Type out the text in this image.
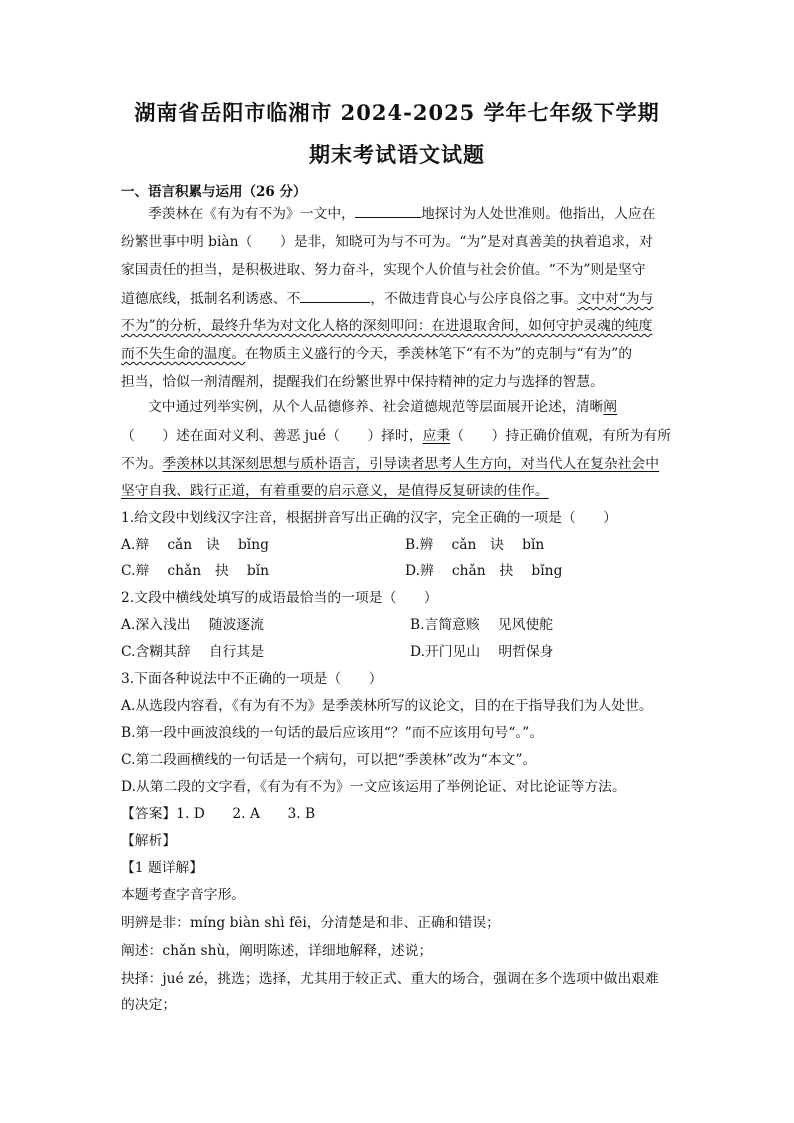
湖南省岳阳市临湘市 2024-2025 学年七年级下学期
期末考试语文试题
一、语言积累与运用（26 分）
季羡林在《有为有不为》一文中，	地探讨为人处世准则。他指出，人应在
纷繁世事中明 biàn（　　）是非，知晓可为与不可为。“为”是对真善美的执着追求，对
家国责任的担当，是积极进取、努力奋斗，实现个人价值与社会价值。“不为”则是坚守
道德底线，抵制名利诱惑、不	，不做违背良心与公序良俗之事。文中对“为与
不为”的分析，最终升华为对文化人格的深刻叩问：在进退取舍间，如何守护灵魂的纯度
而不失生命的温度。在物质主义盛行的今天，季羡林笔下“有不为”的克制与“有为”的
担当，恰似一剂清醒剂，提醒我们在纷繁世界中保持精神的定力与选择的智慧。
文中通过列举实例，从个人品德修养、社会道德规范等层面展开论述，清晰阐
（　　）述在面对义利、善恶 jué（　　）择时，应秉（　　）持正确价值观，有所为有所
不为。季羡林以其深刻思想与质朴语言，引导读者思考人生方向，对当代人在复杂社会中
坚守自我、践行正道，有着重要的启示意义，是值得反复研读的佳作。
1.给文段中划线汉字注音，根据拼音写出正确的汉字，完全正确的一项是（　　）
A.辩　 cǎn　诀　 bǐng	B.辨　 cǎn　诀　 bǐn
C.辩　 chǎn　抉　 bǐn	D.辨　 chǎn　抉　 bǐng
2.文段中横线处填写的成语最恰当的一项是（　　）
A.深入浅出　 随波逐流	B.言简意赅　 见风使舵
C.含糊其辞　 自行其是	D.开门见山　 明哲保身
3.下面各种说法中不正确的一项是（　　）
A.从选段内容看，《有为有不为》是季羡林所写的议论文，目的在于指导我们为人处世。
B.第一段中画波浪线的一句话的最后应该用“？”而不应该用句号“。”。
C.第二段画横线的一句话是一个病句，可以把“季羡林”改为“本文”。
D.从第二段的文字看，《有为有不为》一文应该运用了举例论证、对比论证等方法。
【答案】1. D　　2. A　　3. B
【解析】
【1 题详解】
本题考查字音字形。
明辨是非：míng biàn shì fēi，分清楚是和非、正确和错误；
阐述：chǎn shù，阐明陈述，详细地解释，述说；
抉择：jué zé，挑选；选择，尤其用于较正式、重大的场合，强调在多个选项中做出艰难
的决定；
